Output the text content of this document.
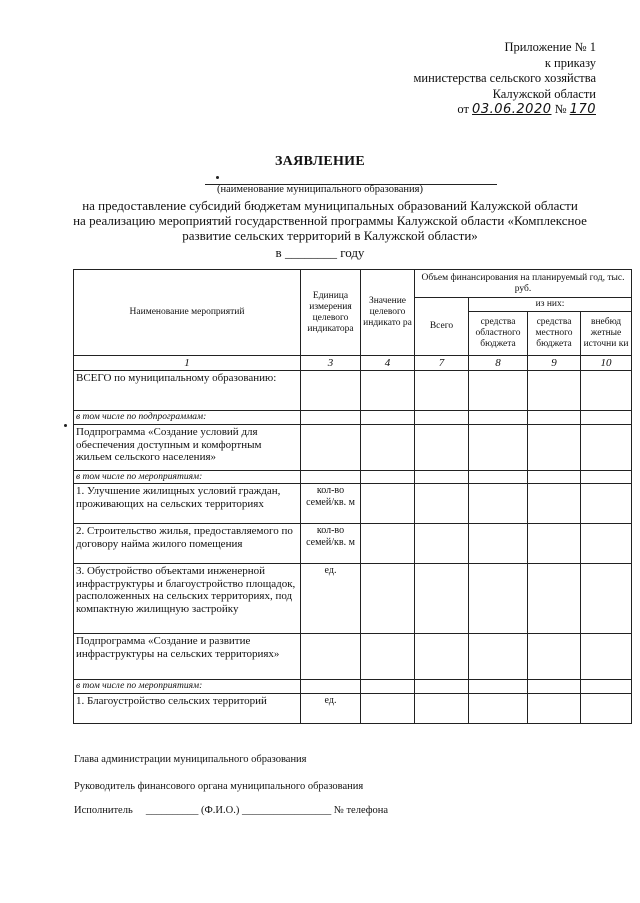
Приложение № 1
к приказу
министерства сельского хозяйства
Калужской области
от 03.06.2020 № 170
ЗАЯВЛЕНИЕ
(наименование муниципального образования)
на предоставление субсидий бюджетам муниципальных образований Калужской области
на реализацию мероприятий государственной программы Калужской области «Комплексное
развитие сельских территорий в Калужской области»
в ________ году
Наименование мероприятий	Единица измерения целевого индикатора	Значение целевого индикато ра	Объем финансирования на планируемый год, тыс. руб.			
			Всего	из них:		
				средства областного бюджета	средства местного бюджета	внебюд жетные источни ки
1	3	4	7	8	9	10
ВСЕГО по муниципальному образованию:						
в том числе по подпрограммам:						
Подпрограмма «Создание условий для обеспечения доступным и комфортным жильем сельского населения»						
в том числе по мероприятиям:						
1. Улучшение жилищных условий граждан, проживающих на сельских территориях	кол-во семей/кв. м					
2. Строительство жилья, предоставляемого по договору найма жилого помещения	кол-во семей/кв. м					
3. Обустройство объектами инженерной инфраструктуры и благоустройство площадок, расположенных на сельских территориях, под компактную жилищную застройку	ед.					
Подпрограмма «Создание и развитие инфраструктуры на сельских территориях»						
в том числе по мероприятиям:						
1. Благоустройство сельских территорий	ед.					
Глава администрации муниципального образования
Руководитель финансового органа муниципального образования
Исполнитель __________ (Ф.И.О.) _________________ № телефона
